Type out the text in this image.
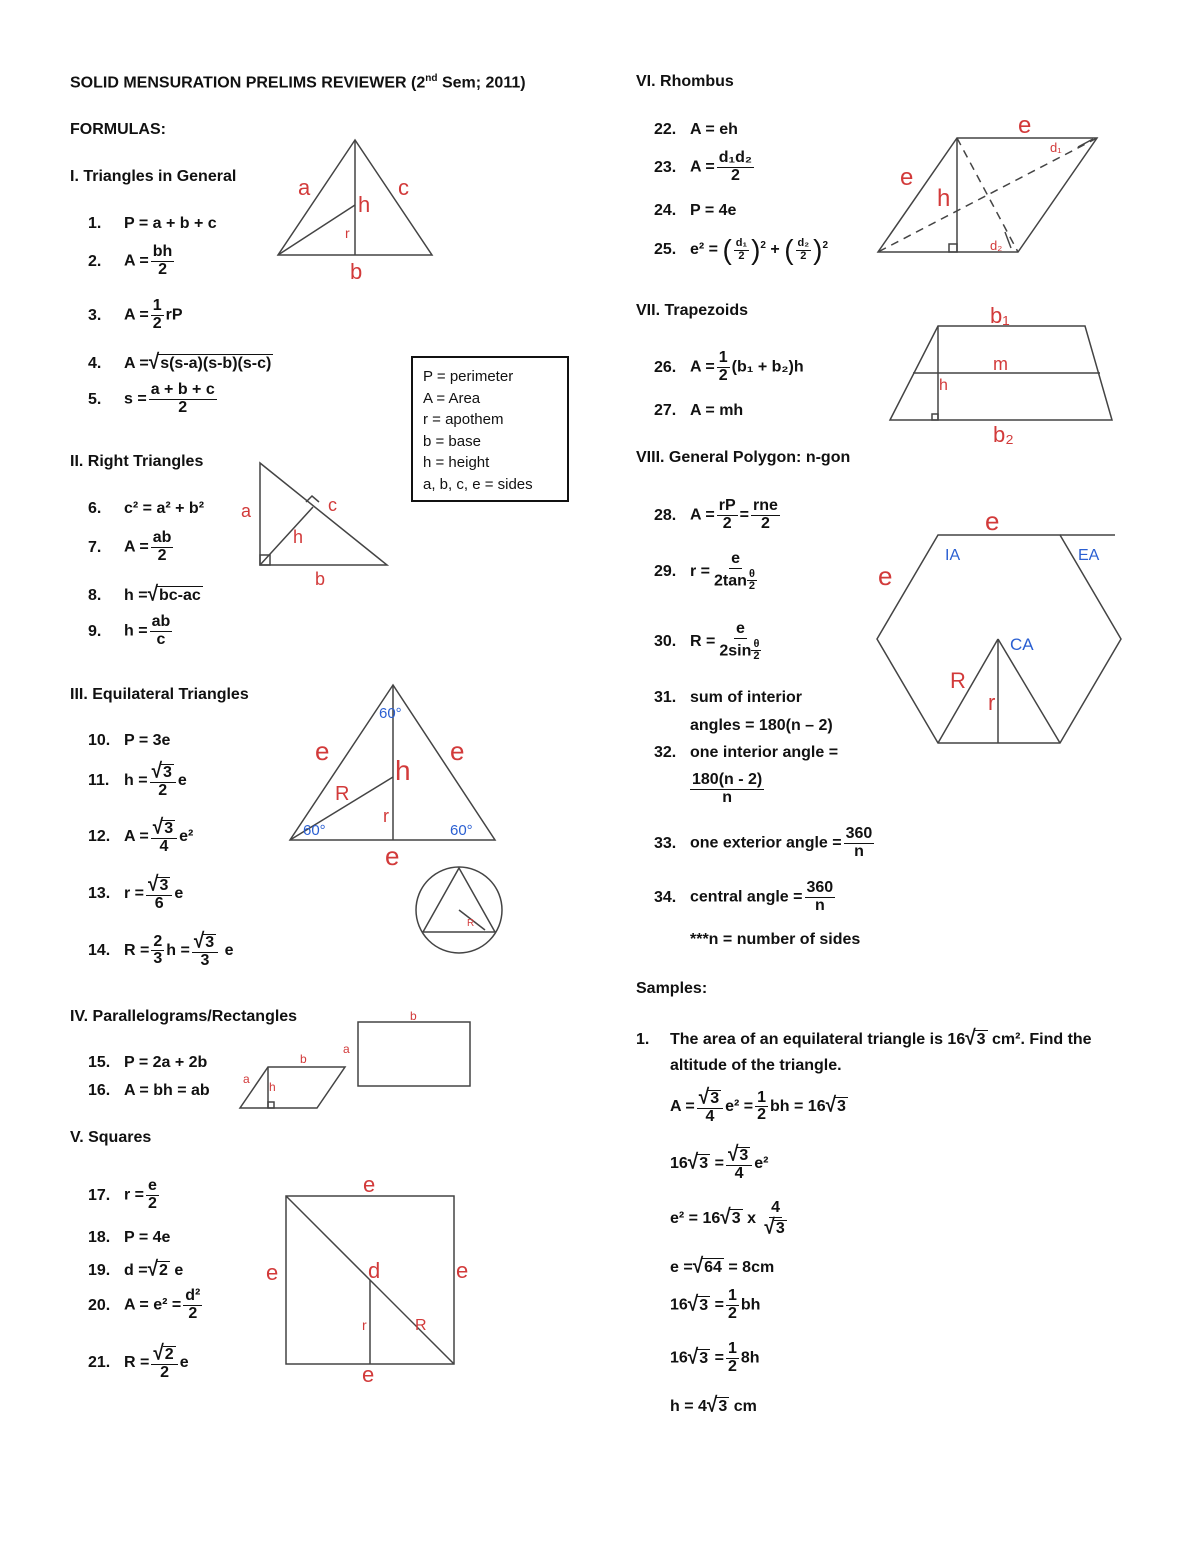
SOLID MENSURATION PRELIMS REVIEWER (2nd Sem; 2011)
FORMULAS:
I. Triangles in General
1. P = a + b + c
2. $A = \frac{bh}{2}$
3. $A = \frac{1}{2}$ rP
4. A =√s(s-a)(s-b)(s-c)
5. $s = \frac{a + b + c}{2}$
a
h
c
r
b
P = perimeter
A = Area
r = apothem
b = base
h = height
a, b, c, e = sides
II. Right Triangles
6. c² = a² + b²
7. $A = \frac{ab}{2}$
8. h =√bc-ac
9. $h = \frac{ab}{c}$
a	c
h
b
III. Equilateral Triangles
10. P = 3e
11. $h = \frac{√3}{2}$ e
12. $A = \frac{√3}{4} e^2$
13. $r = \frac{√3}{6}$ e
14. $R = \frac{2}{3}$ $h = \frac{√3}{3}$ e
60°
e
h
e
R
r
60°	60°
e
R
IV. Parallelograms/Rectangles
15. P = 2a + 2b
16. A = bh = ab
b
a
a
h
b
V. Squares
17. $r = \frac{e}{2}$
18. P = 4e
19. d =√2 e
20. $A = e^2 = \frac{\text{d²}}{2}$
21. $R = \frac{√2}{2}$ e
e
e	d	e
r	R
e
VI. Rhombus
22. A = eh
23. $A = \frac{\text{d₁d₂}}{2}$
24. P = 4e
25. e² = ( $\frac{\text{d₁}}{2} )^2$ + ( $\frac{\text{d₂}}{2} )^2$
e
d₁
e
h
d₂
VII. Trapezoids
26. $A = \frac{1}{2} (b_1 + b_2)h$
27. A = mh
b₁
m
h
b₂
VIII. General Polygon: n-gon
28. $A = \frac{rP}{2}$ =
rne
2
29. $r = \frac{e}{2\tan \frac{\theta}{2}}$
30. $R = \frac{e}{2\sin \frac{\theta}{2}}$
31. sum of interior
angles = 180(n – 2)
32. one interior angle =
$\frac{180(n - 2)}{n}$
33. one exterior angle = $\frac{360}{n}$
34. central angle = $\frac{360}{n}$
***n = number of sides
e
IA	EA
e
CA
R
r
Samples:
1. The area of an equilateral triangle is 16√3 cm². Find the
altitude of the triangle.
$A = \frac{√3}{4} e^2 = \frac{1}{2}$ bh = 16√3
$16√3 = \frac{√3}{4} e^2$
e² = 16√3 x $\frac{4}{√3}$
e =√64 = 8cm
$16√3 = \frac{1}{2}$ bh
$16√3 = \frac{1}{2} 8h$
h = 4√3 cm
